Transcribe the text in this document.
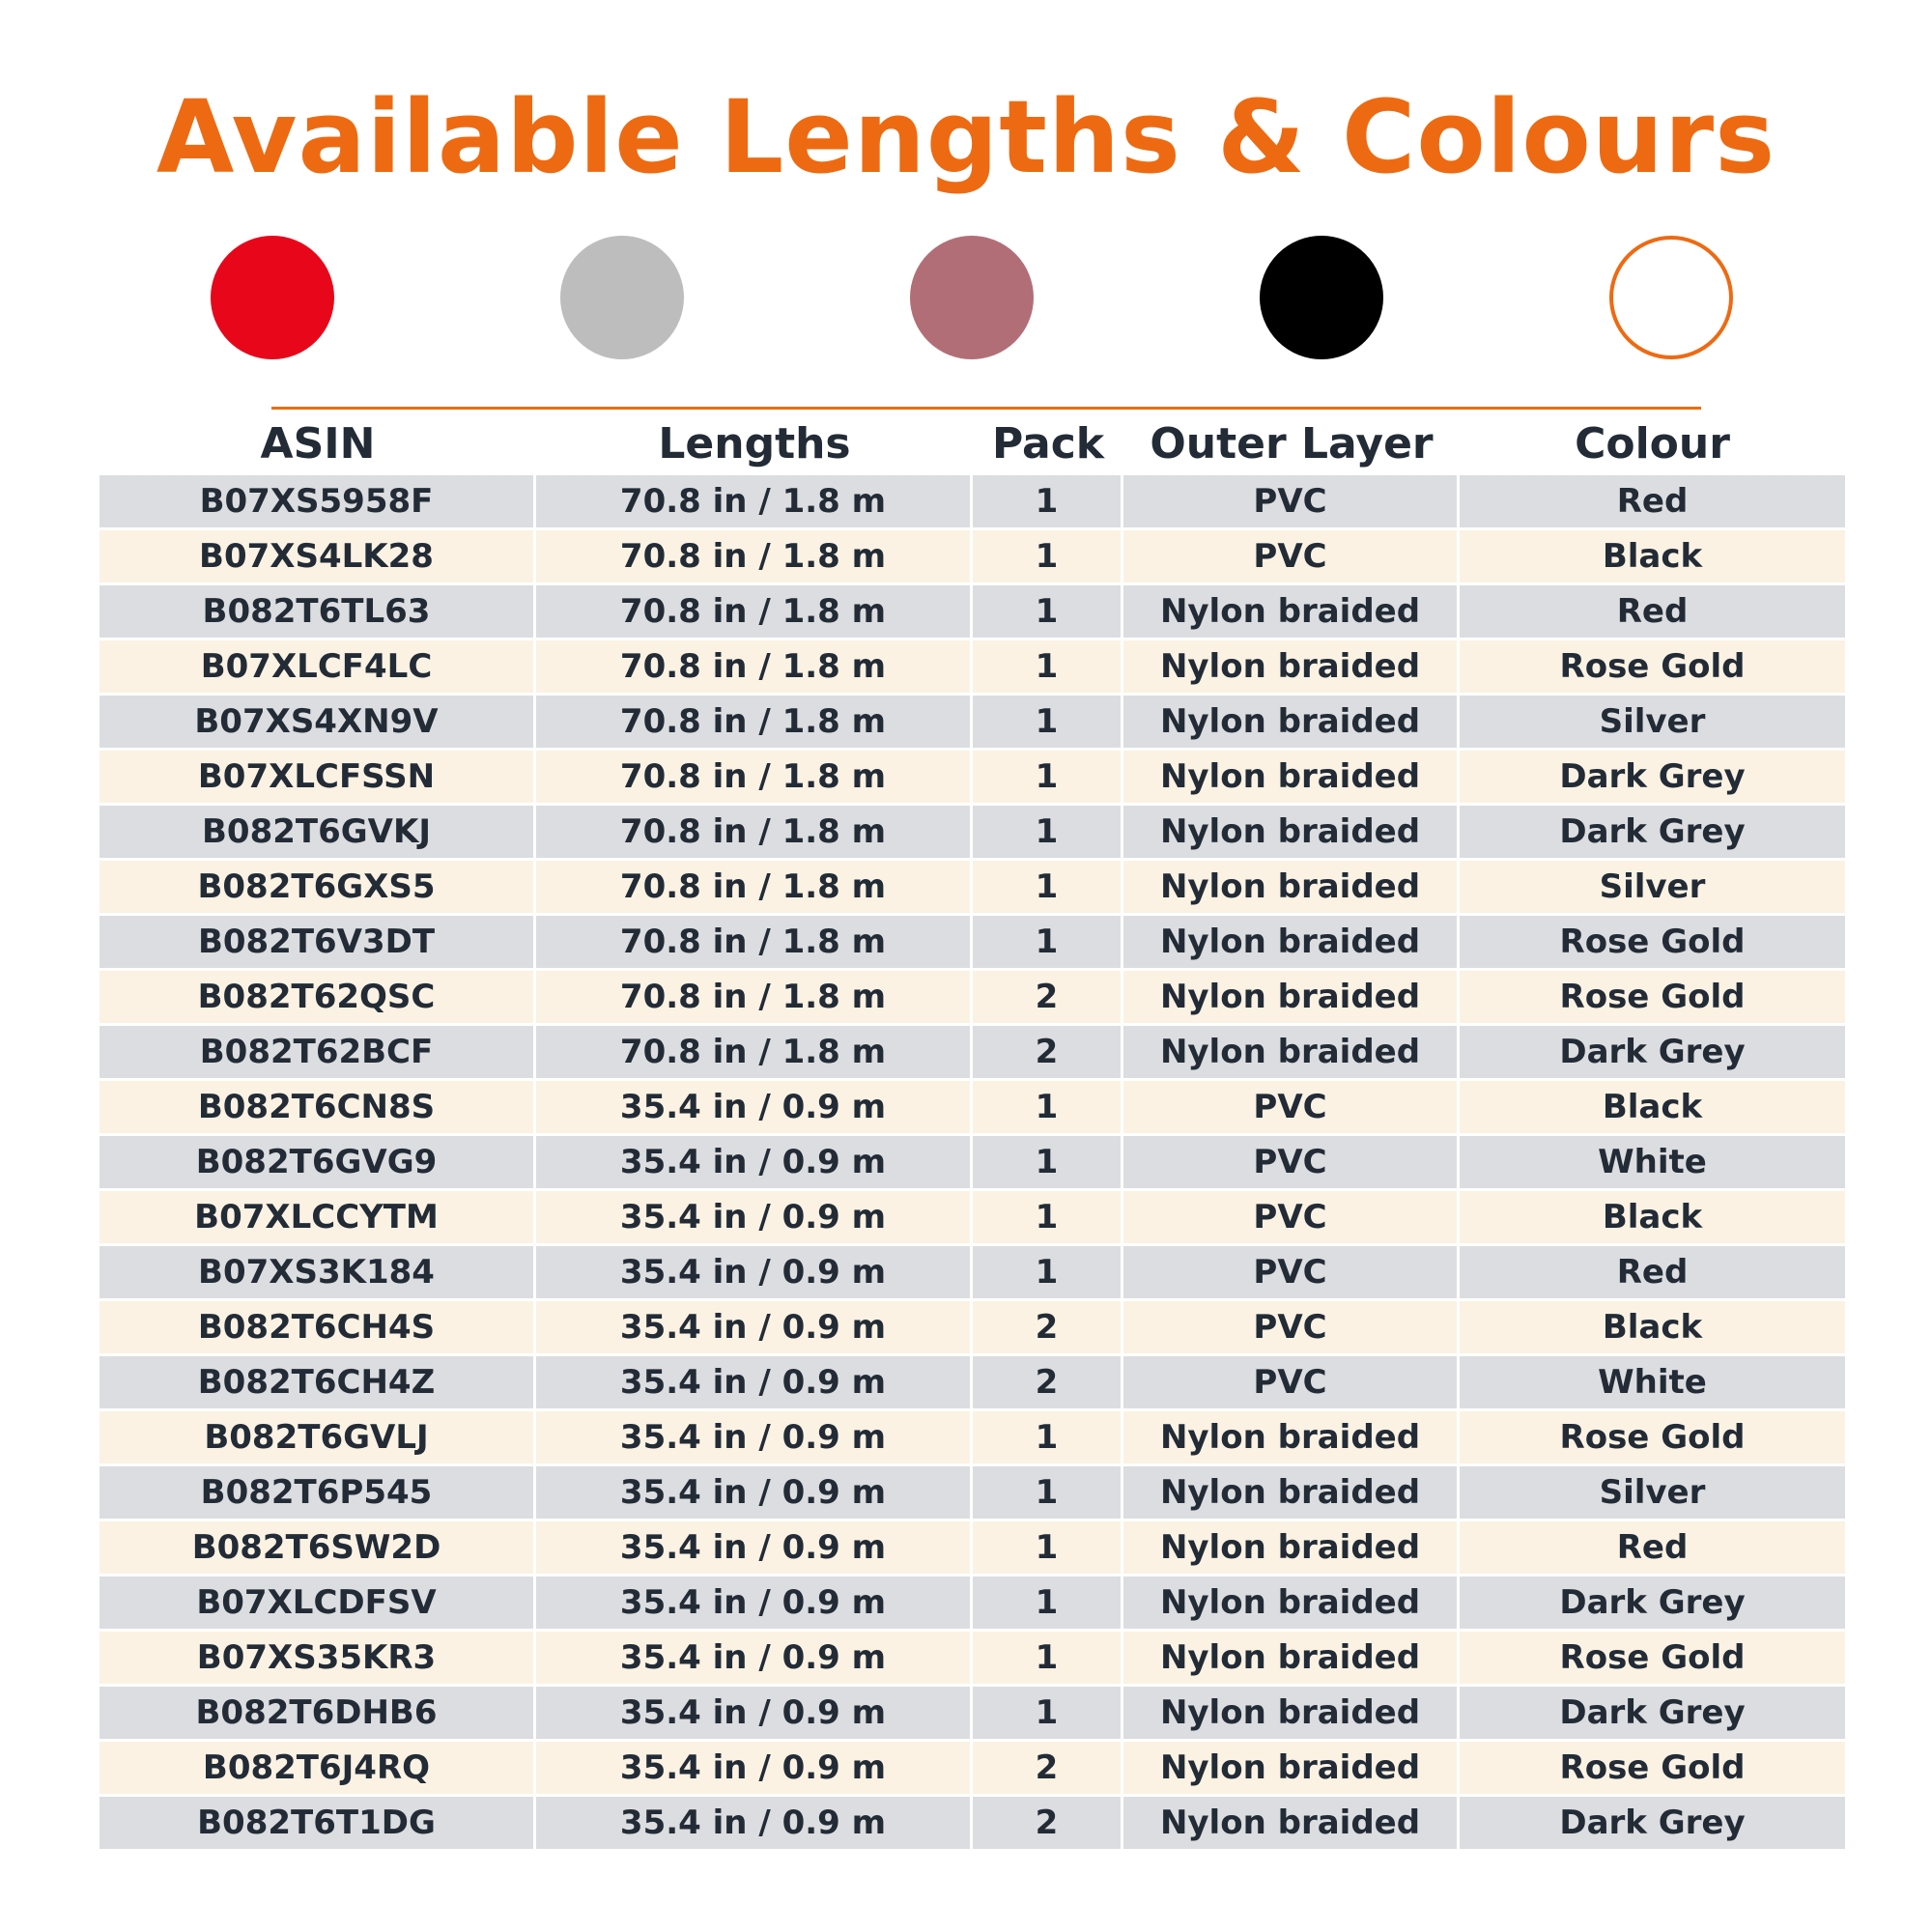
Available Lengths & Colours
ASIN	Lengths	Pack	Outer Layer	Colour
B07XS5958F	70.8 in / 1.8 m	1	PVC	Red
B07XS4LK28	70.8 in / 1.8 m	1	PVC	Black
B082T6TL63	70.8 in / 1.8 m	1	Nylon braided	Red
B07XLCF4LC	70.8 in / 1.8 m	1	Nylon braided	Rose Gold
B07XS4XN9V	70.8 in / 1.8 m	1	Nylon braided	Silver
B07XLCFSSN	70.8 in / 1.8 m	1	Nylon braided	Dark Grey
B082T6GVKJ	70.8 in / 1.8 m	1	Nylon braided	Dark Grey
B082T6GXS5	70.8 in / 1.8 m	1	Nylon braided	Silver
B082T6V3DT	70.8 in / 1.8 m	1	Nylon braided	Rose Gold
B082T62QSC	70.8 in / 1.8 m	2	Nylon braided	Rose Gold
B082T62BCF	70.8 in / 1.8 m	2	Nylon braided	Dark Grey
B082T6CN8S	35.4 in / 0.9 m	1	PVC	Black
B082T6GVG9	35.4 in / 0.9 m	1	PVC	White
B07XLCCYTM	35.4 in / 0.9 m	1	PVC	Black
B07XS3K184	35.4 in / 0.9 m	1	PVC	Red
B082T6CH4S	35.4 in / 0.9 m	2	PVC	Black
B082T6CH4Z	35.4 in / 0.9 m	2	PVC	White
B082T6GVLJ	35.4 in / 0.9 m	1	Nylon braided	Rose Gold
B082T6P545	35.4 in / 0.9 m	1	Nylon braided	Silver
B082T6SW2D	35.4 in / 0.9 m	1	Nylon braided	Red
B07XLCDFSV	35.4 in / 0.9 m	1	Nylon braided	Dark Grey
B07XS35KR3	35.4 in / 0.9 m	1	Nylon braided	Rose Gold
B082T6DHB6	35.4 in / 0.9 m	1	Nylon braided	Dark Grey
B082T6J4RQ	35.4 in / 0.9 m	2	Nylon braided	Rose Gold
B082T6T1DG	35.4 in / 0.9 m	2	Nylon braided	Dark Grey
